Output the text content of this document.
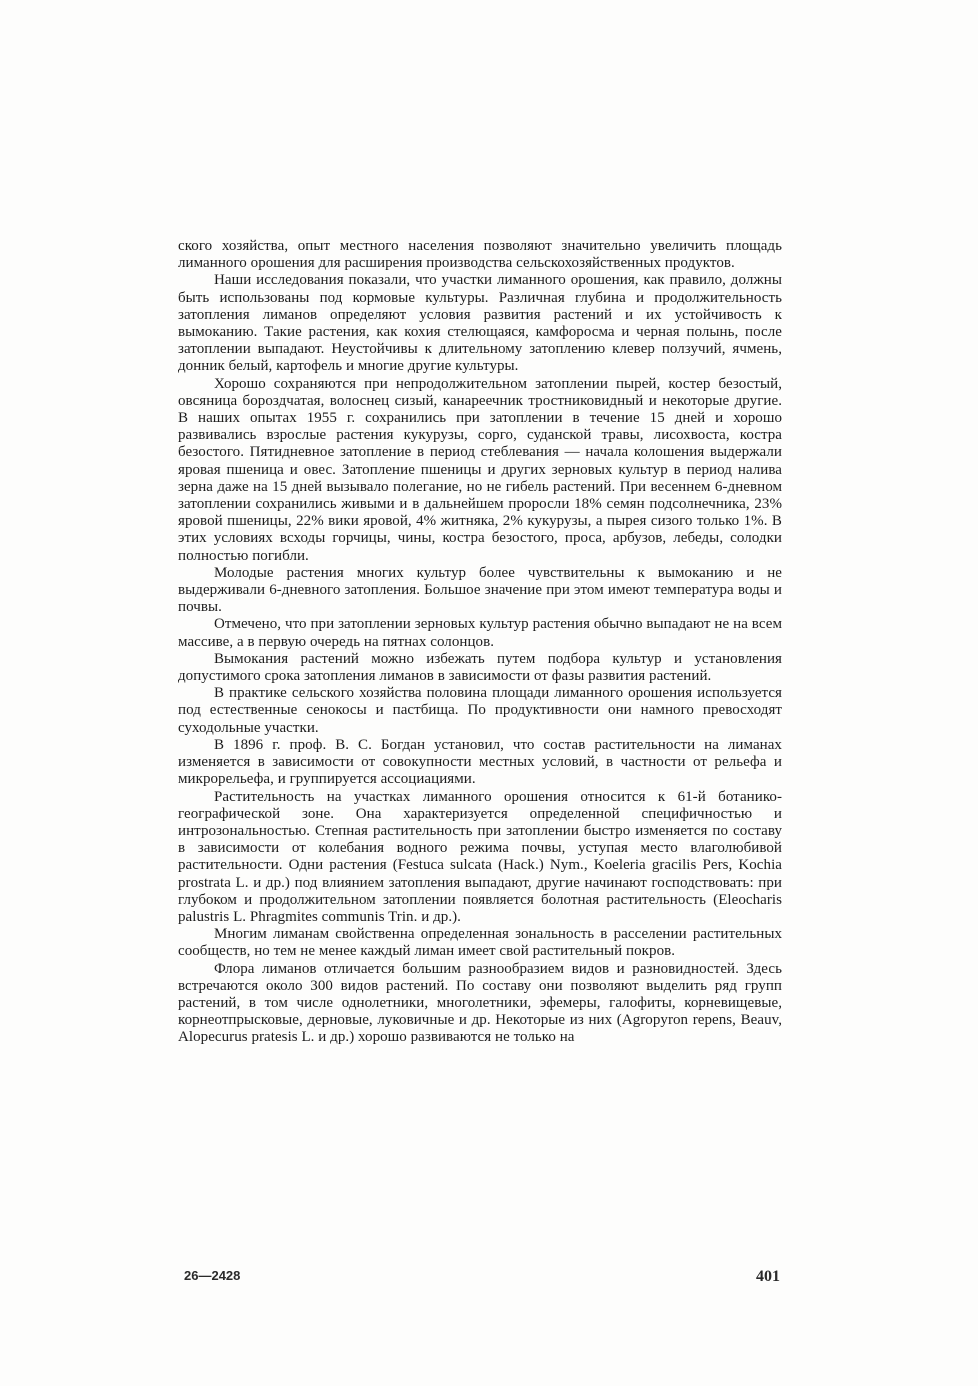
ского хозяйства, опыт местного населения позволяют значительно увеличить площадь лиманного орошения для расширения производства сельскохозяйственных продуктов.

Наши исследования показали, что участки лиманного орошения, как правило, должны быть использованы под кормовые культуры. Различная глубина и продолжительность затопления лиманов определяют условия развития растений и их устойчивость к вымоканию. Такие растения, как кохия стелющаяся, камфоросма и черная полынь, после затоплении выпадают. Неустойчивы к длительному затоплению клевер ползучий, ячмень, донник белый, картофель и многие другие культуры.

Хорошо сохраняются при непродолжительном затоплении пырей, костер безостый, овсяница бороздчатая, волоснец сизый, канареечник тростниковидный и некоторые другие. В наших опытах 1955 г. сохранились при затоплении в течение 15 дней и хорошо развивались взрослые растения кукурузы, сорго, суданской травы, лисохвоста, костра безостого. Пятидневное затопление в период стеблевания — начала колошения выдержали яровая пшеница и овес. Затопление пшеницы и других зерновых культур в период налива зерна даже на 15 дней вызывало полегание, но не гибель растений. При весеннем 6-дневном затоплении сохранились живыми и в дальнейшем проросли 18% семян подсолнечника, 23% яровой пшеницы, 22% вики яровой, 4% житняка, 2% кукурузы, а пырея сизого только 1%. В этих условиях всходы горчицы, чины, костра безостого, проса, арбузов, лебеды, солодки полностью погибли.

Молодые растения многих культур более чувствительны к вымоканию и не выдерживали 6-дневного затопления. Большое значение при этом имеют температура воды и почвы.

Отмечено, что при затоплении зерновых культур растения обычно выпадают не на всем массиве, а в первую очередь на пятнах солонцов.

Вымокания растений можно избежать путем подбора культур и установления допустимого срока затопления лиманов в зависимости от фазы развития растений.

В практике сельского хозяйства половина площади лиманного орошения используется под естественные сенокосы и пастбища. По продуктивности они намного превосходят суходольные участки.

В 1896 г. проф. В. С. Богдан установил, что состав растительности на лиманах изменяется в зависимости от совокупности местных условий, в частности от рельефа и микрорельефа, и группируется ассоциациями.

Растительность на участках лиманного орошения относится к 61-й ботанико-географической зоне. Она характеризуется определенной специфичностью и интрозональностью. Степная растительность при затоплении быстро изменяется по составу в зависимости от колебания водного режима почвы, уступая место влаголюбивой растительности. Одни растения (Festuca sulcata (Hack.) Nym., Koeleria gracilis Pers, Kochia prostrata L. и др.) под влиянием затопления выпадают, другие начинают господствовать: при глубоком и продолжительном затоплении появляется болотная растительность (Eleocharis palustris L. Phragmites communis Trin. и др.).

Многим лиманам свойственна определенная зональность в расселении растительных сообществ, но тем не менее каждый лиман имеет свой растительный покров.

Флора лиманов отличается большим разнообразием видов и разновидностей. Здесь встречаются около 300 видов растений. По составу они позволяют выделить ряд групп растений, в том числе однолетники, многолетники, эфемеры, галофиты, корневищевые, корнеотпрысковые, дерновые, луковичные и др. Некоторые из них (Agropyron repens, Beauv, Alopecurus pratesis L. и др.) хорошо развиваются не только на

26—2428	401
